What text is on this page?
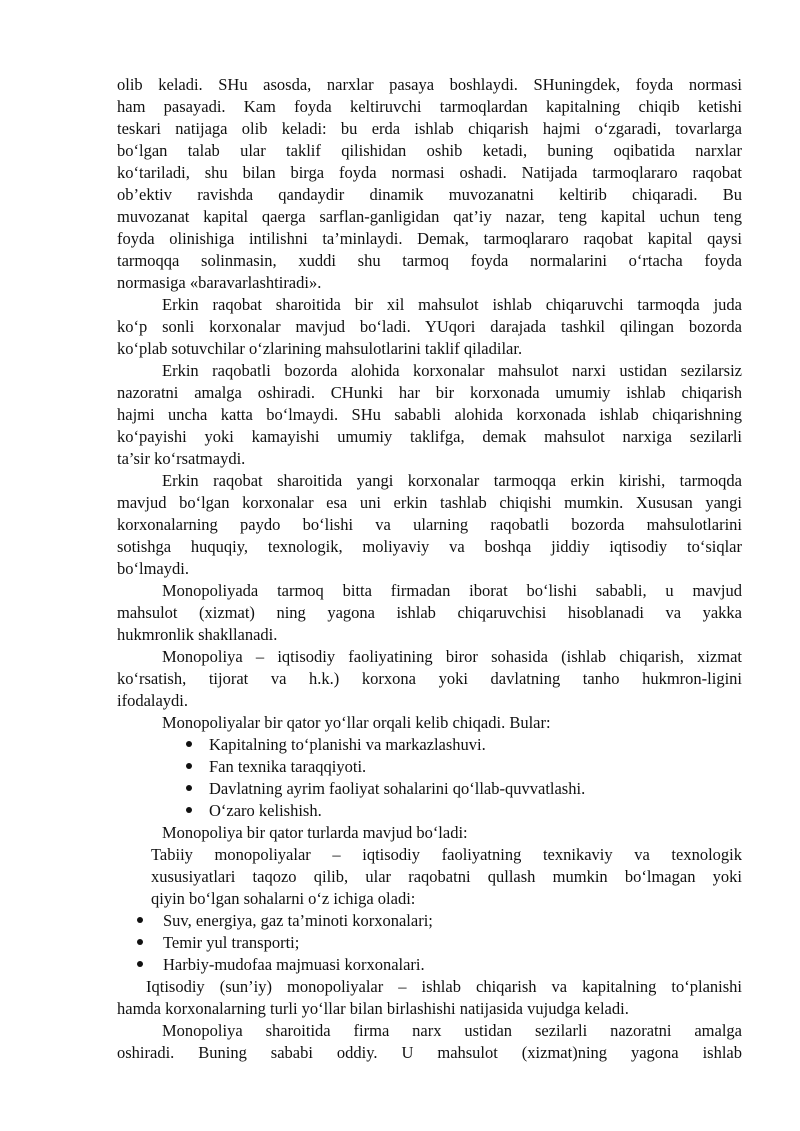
olib keladi. SHu asosda, narxlar pasaya boshlaydi. SHuningdek, foyda normasi
ham pasayadi. Kam foyda keltiruvchi tarmoqlardan kapitalning chiqib ketishi
teskari natijaga olib keladi: bu erda ishlab chiqarish hajmi o‘zgaradi, tovarlarga
bo‘lgan talab ular taklif qilishidan oshib ketadi, buning oqibatida narxlar
ko‘tariladi, shu bilan birga foyda normasi oshadi. Natijada tarmoqlararo raqobat
ob’ektiv ravishda qandaydir dinamik muvozanatni keltirib chiqaradi. Bu
muvozanat kapital qaerga sarflan-ganligidan qat’iy nazar, teng kapital uchun teng
foyda olinishiga intilishni ta’minlaydi. Demak, tarmoqlararo raqobat kapital qaysi
tarmoqqa solinmasin, xuddi shu tarmoq foyda normalarini o‘rtacha foyda
normasiga «baravarlashtiradi».
Erkin raqobat sharoitida bir xil mahsulot ishlab chiqaruvchi tarmoqda juda
ko‘p sonli korxonalar mavjud bo‘ladi. YUqori darajada tashkil qilingan bozorda
ko‘plab sotuvchilar o‘zlarining mahsulotlarini taklif qiladilar.
Erkin raqobatli bozorda alohida korxonalar mahsulot narxi ustidan sezilarsiz
nazoratni amalga oshiradi. CHunki har bir korxonada umumiy ishlab chiqarish
hajmi uncha katta bo‘lmaydi. SHu sababli alohida korxonada ishlab chiqarishning
ko‘payishi yoki kamayishi umumiy taklifga, demak mahsulot narxiga sezilarli
ta’sir ko‘rsatmaydi.
Erkin raqobat sharoitida yangi korxonalar tarmoqqa erkin kirishi, tarmoqda
mavjud bo‘lgan korxonalar esa uni erkin tashlab chiqishi mumkin. Xususan yangi
korxonalarning paydo bo‘lishi va ularning raqobatli bozorda mahsulotlarini
sotishga huquqiy, texnologik, moliyaviy va boshqa jiddiy iqtisodiy to‘siqlar
bo‘lmaydi.
Monopoliyada tarmoq bitta firmadan iborat bo‘lishi sababli, u mavjud
mahsulot (xizmat) ning yagona ishlab chiqaruvchisi hisoblanadi va yakka
hukmronlik shakllanadi.
Monopoliya – iqtisodiy faoliyatining biror sohasida (ishlab chiqarish, xizmat
ko‘rsatish, tijorat va h.k.) korxona yoki davlatning tanho hukmron-ligini
ifodalaydi.
Monopoliyalar bir qator yo‘llar orqali kelib chiqadi. Bular:
Kapitalning to‘planishi va markazlashuvi.
Fan texnika taraqqiyoti.
Davlatning ayrim faoliyat sohalarini qo‘llab-quvvatlashi.
O‘zaro kelishish.
Monopoliya bir qator turlarda mavjud bo‘ladi:
Tabiiy monopoliyalar – iqtisodiy faoliyatning texnikaviy va texnologik
xususiyatlari taqozo qilib, ular raqobatni qullash mumkin bo‘lmagan yoki
qiyin bo‘lgan sohalarni o‘z ichiga oladi:
Suv, energiya, gaz ta’minoti korxonalari;
Temir yul transporti;
Harbiy-mudofaa majmuasi korxonalari.
Iqtisodiy (sun’iy) monopoliyalar – ishlab chiqarish va kapitalning to‘planishi
hamda korxonalarning turli yo‘llar bilan birlashishi natijasida vujudga keladi.
Monopoliya sharoitida firma narx ustidan sezilarli nazoratni amalga
oshiradi. Buning sababi oddiy. U mahsulot (xizmat)ning yagona ishlab
